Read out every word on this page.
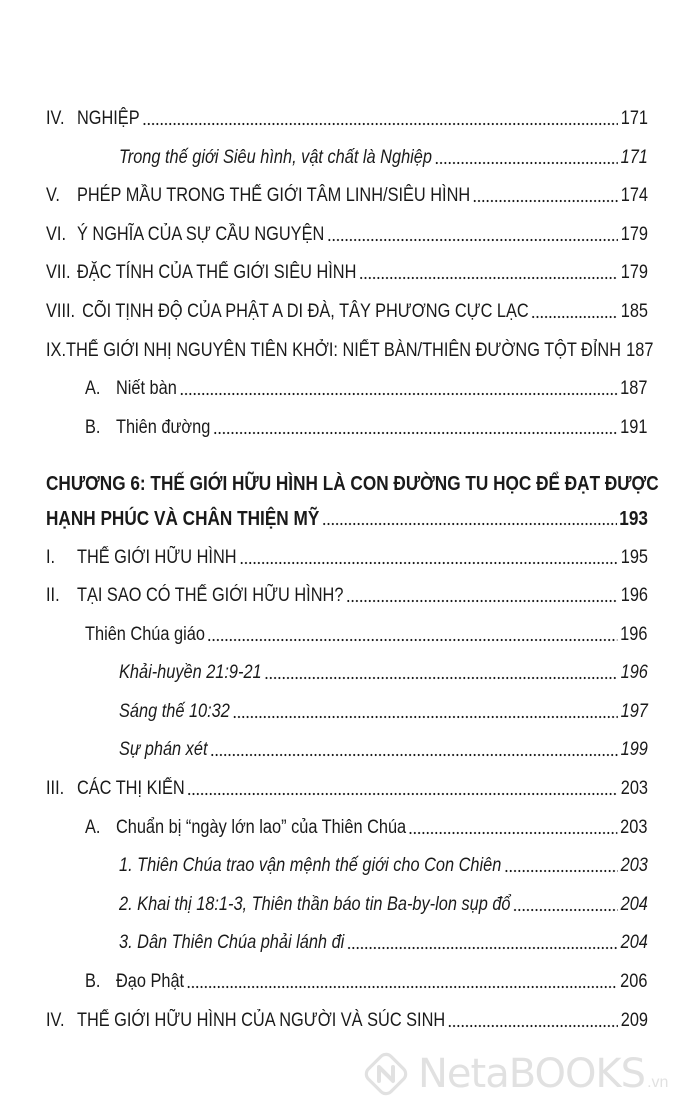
IV. NGHIỆP	171
Trong thế giới Siêu hình, vật chất là Nghiệp	171
V. PHÉP MẦU TRONG THẾ GIỚI TÂM LINH/SIÊU HÌNH	174
VI. Ý NGHĨA CỦA SỰ CẦU NGUYỆN	179
VII. ĐẶC TÍNH CỦA THẾ GIỚI SIÊU HÌNH	179
VIII. CÕI TỊNH ĐỘ CỦA PHẬT A DI ĐÀ, TÂY PHƯƠNG CỰC LẠC	185
IX. THẾ GIỚI NHỊ NGUYÊN TIÊN KHỞI: NIẾT BÀN/THIÊN ĐƯỜNG TỘT ĐỈNH 187
A. Niết bàn	187
B. Thiên đường	191
CHƯƠNG 6: THẾ GIỚI HỮU HÌNH LÀ CON ĐƯỜNG TU HỌC ĐỂ ĐẠT ĐƯỢC
HẠNH PHÚC VÀ CHÂN THIỆN MỸ	193
I.	THẾ GIỚI HỮU HÌNH	195
II. TẠI SAO CÓ THẾ GIỚI HỮU HÌNH?	196
Thiên Chúa giáo	196
Khải-huyền 21:9-21	196
Sáng thế 10:32	197
Sự phán xét	199
III. CÁC THỊ KIẾN	203
A. Chuẩn bị “ngày lớn lao” của Thiên Chúa	203
1. Thiên Chúa trao vận mệnh thế giới cho Con Chiên	203
2. Khai thị 18:1-3, Thiên thần báo tin Ba-by-lon sụp đổ	204
3. Dân Thiên Chúa phải lánh đi	204
B. Đạo Phật	206
IV. THẾ GIỚI HỮU HÌNH CỦA NGƯỜI VÀ SÚC SINH	209
NetaBOOKS .vn
